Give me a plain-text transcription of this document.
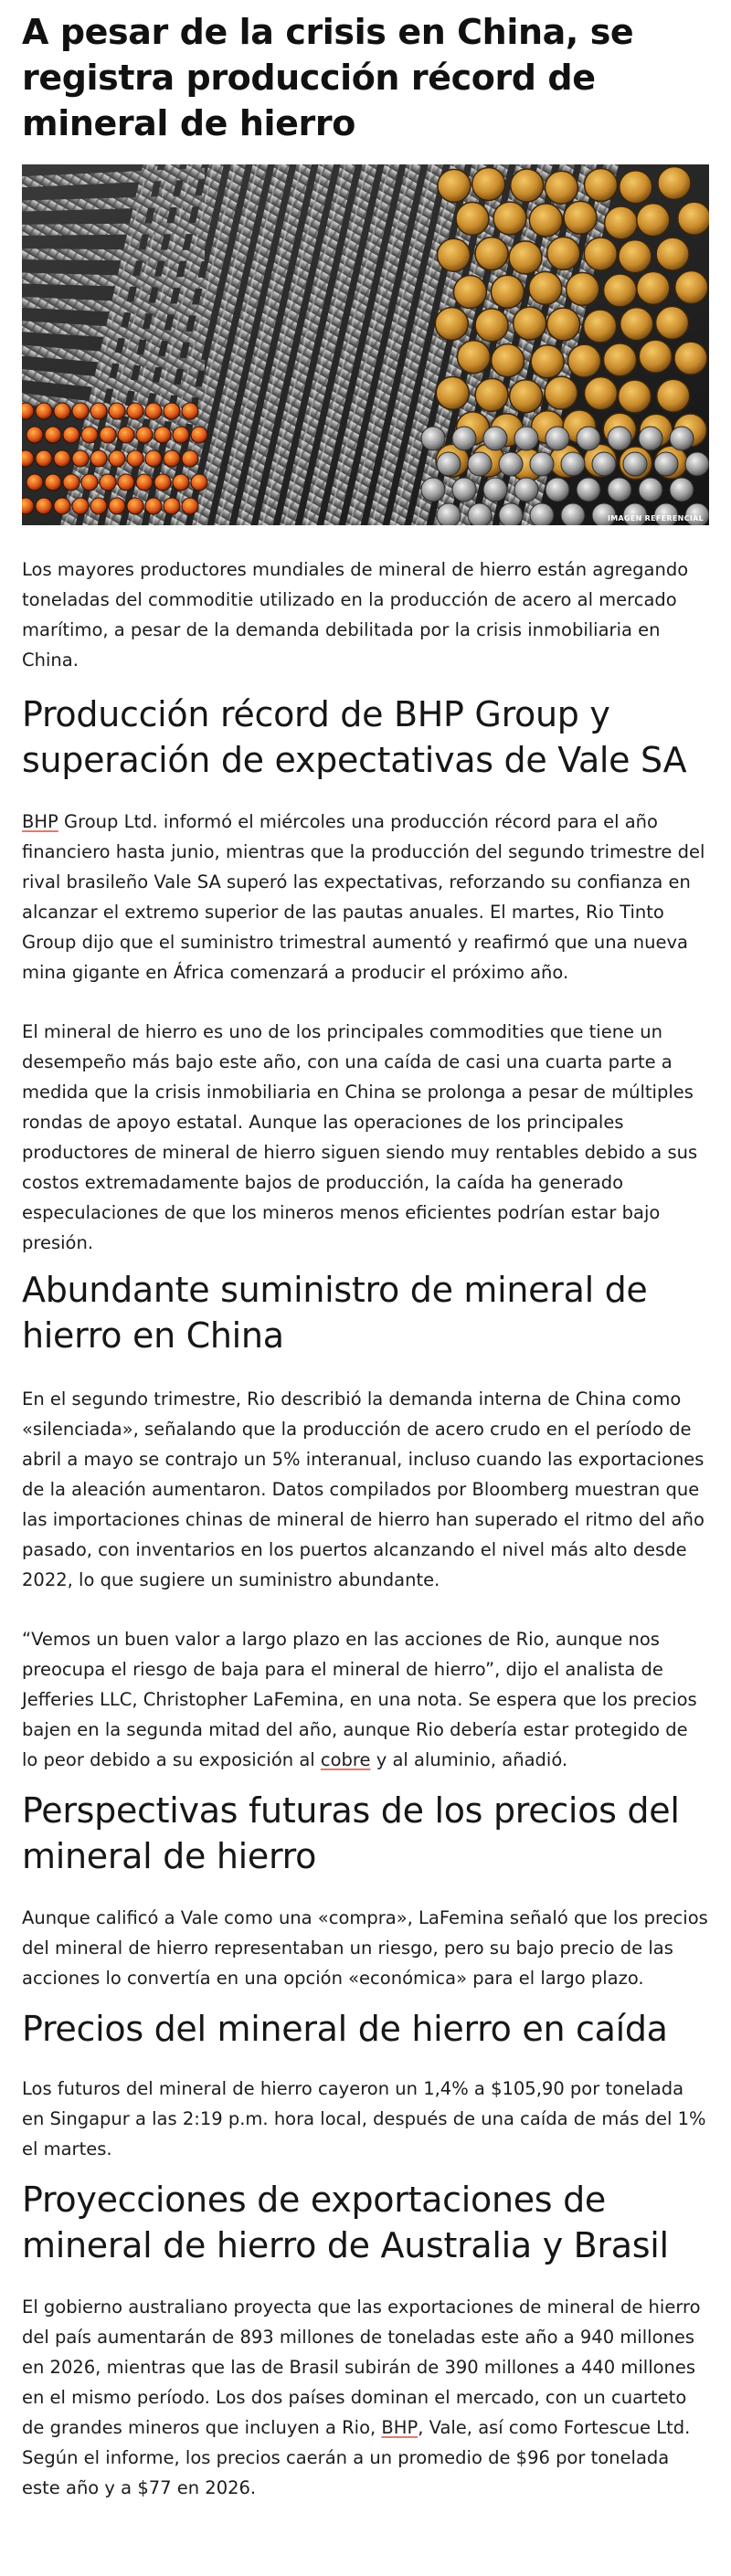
A pesar de la crisis en China, se registra producción récord de mineral de hierro
IMAGEN REFERENCIAL

Los mayores productores mundiales de mineral de hierro están agregando toneladas del commoditie utilizado en la producción de acero al mercado marítimo, a pesar de la demanda debilitada por la crisis inmobiliaria en China.

Producción récord de BHP Group y superación de expectativas de Vale SA

BHP Group Ltd. informó el miércoles una producción récord para el año financiero hasta junio, mientras que la producción del segundo trimestre del rival brasileño Vale SA superó las expectativas, reforzando su confianza en alcanzar el extremo superior de las pautas anuales. El martes, Rio Tinto Group dijo que el suministro trimestral aumentó y reafirmó que una nueva mina gigante en África comenzará a producir el próximo año.

El mineral de hierro es uno de los principales commodities que tiene un desempeño más bajo este año, con una caída de casi una cuarta parte a medida que la crisis inmobiliaria en China se prolonga a pesar de múltiples rondas de apoyo estatal. Aunque las operaciones de los principales productores de mineral de hierro siguen siendo muy rentables debido a sus costos extremadamente bajos de producción, la caída ha generado especulaciones de que los mineros menos eficientes podrían estar bajo presión.

Abundante suministro de mineral de hierro en China

En el segundo trimestre, Rio describió la demanda interna de China como «silenciada», señalando que la producción de acero crudo en el período de abril a mayo se contrajo un 5% interanual, incluso cuando las exportaciones de la aleación aumentaron. Datos compilados por Bloomberg muestran que las importaciones chinas de mineral de hierro han superado el ritmo del año pasado, con inventarios en los puertos alcanzando el nivel más alto desde 2022, lo que sugiere un suministro abundante.

“Vemos un buen valor a largo plazo en las acciones de Rio, aunque nos preocupa el riesgo de baja para el mineral de hierro”, dijo el analista de Jefferies LLC, Christopher LaFemina, en una nota. Se espera que los precios bajen en la segunda mitad del año, aunque Rio debería estar protegido de lo peor debido a su exposición al cobre y al aluminio, añadió.

Perspectivas futuras de los precios del mineral de hierro

Aunque calificó a Vale como una «compra», LaFemina señaló que los precios del mineral de hierro representaban un riesgo, pero su bajo precio de las acciones lo convertía en una opción «económica» para el largo plazo.

Precios del mineral de hierro en caída

Los futuros del mineral de hierro cayeron un 1,4% a $105,90 por tonelada en Singapur a las 2:19 p.m. hora local, después de una caída de más del 1% el martes.

Proyecciones de exportaciones de mineral de hierro de Australia y Brasil

El gobierno australiano proyecta que las exportaciones de mineral de hierro del país aumentarán de 893 millones de toneladas este año a 940 millones en 2026, mientras que las de Brasil subirán de 390 millones a 440 millones en el mismo período. Los dos países dominan el mercado, con un cuarteto de grandes mineros que incluyen a Rio, BHP, Vale, así como Fortescue Ltd. Según el informe, los precios caerán a un promedio de $96 por tonelada este año y a $77 en 2026.
